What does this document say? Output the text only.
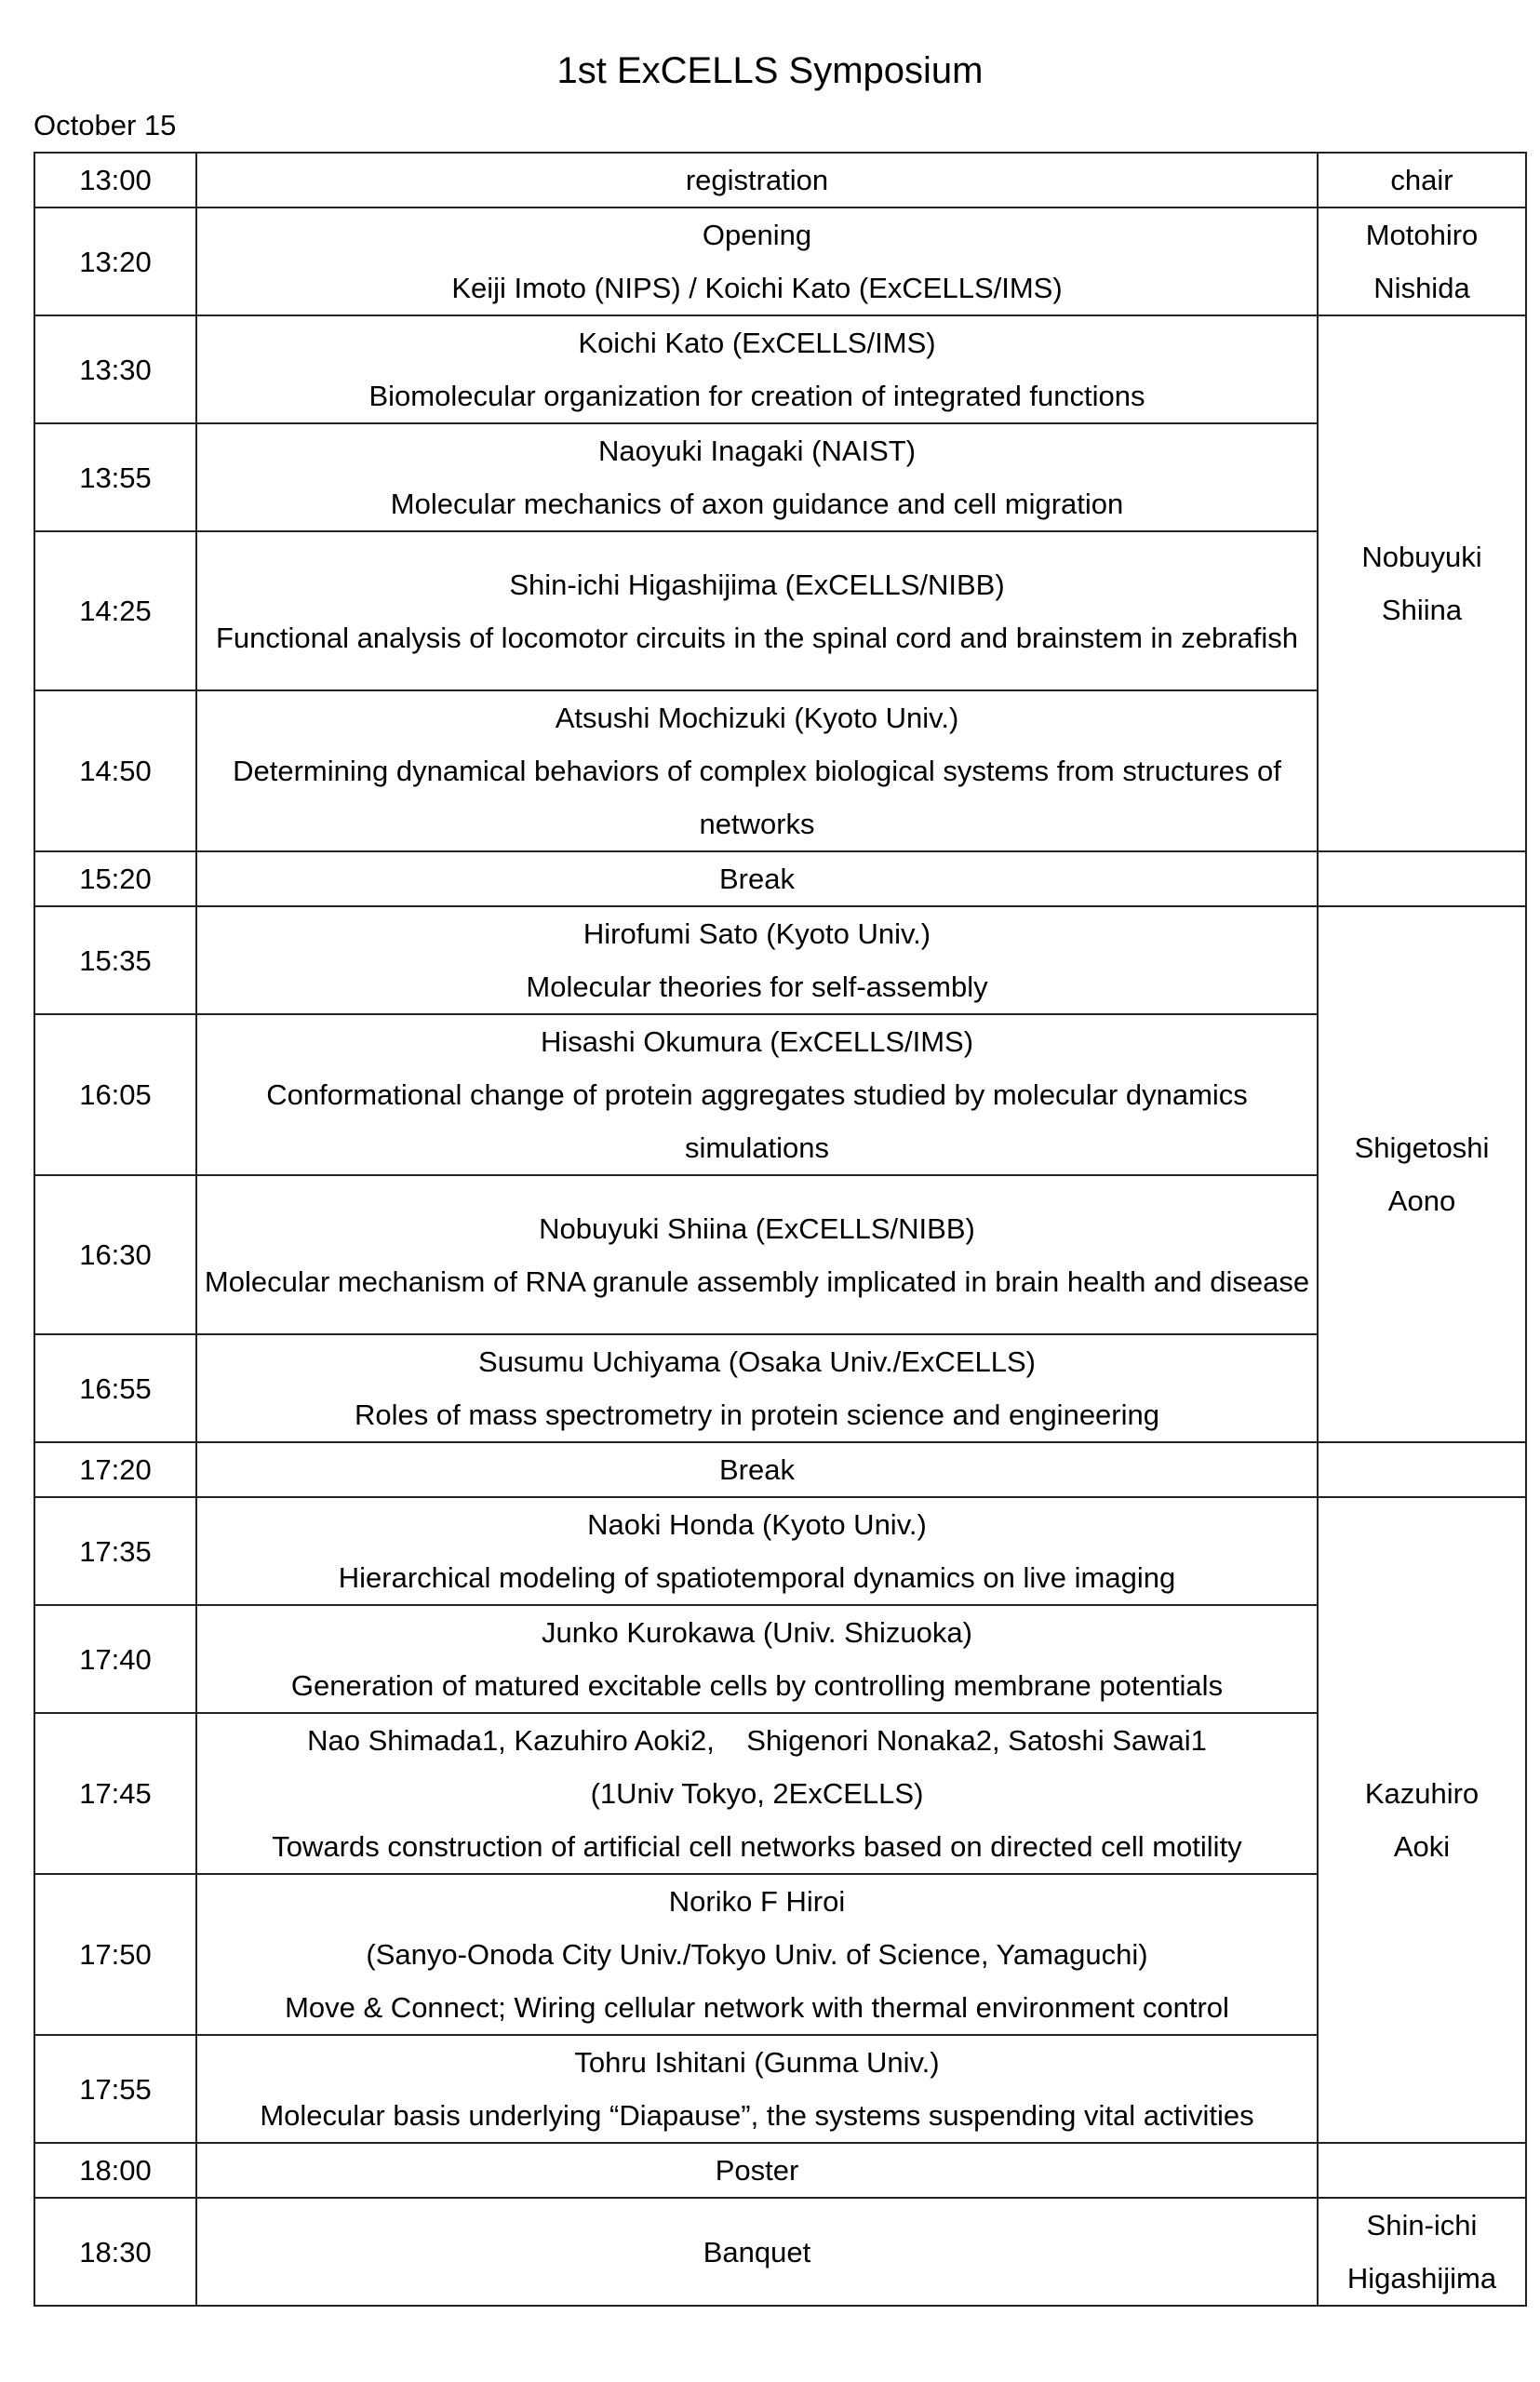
1st ExCELLS Symposium
October 15
13:00	registration	chair
13:20	Opening
Keiji Imoto (NIPS) / Koichi Kato (ExCELLS/IMS)	Motohiro
Nishida

13:30	Koichi Kato (ExCELLS/IMS)
Biomolecular organization for creation of integrated functions	Nobuyuki
Shiina

13:55	Naoyuki Inagaki (NAIST)
Molecular mechanics of axon guidance and cell migration	

14:25	Shin-ichi Higashijima (ExCELLS/NIBB)
Functional analysis of locomotor circuits in the spinal cord and brainstem in zebrafish	

14:50	Atsushi Mochizuki (Kyoto Univ.)
Determining dynamical behaviors of complex biological systems from structures of networks	

15:20	Break	
15:35	Hirofumi Sato (Kyoto Univ.)
Molecular theories for self-assembly	Shigetoshi
Aono

16:05	Hisashi Okumura (ExCELLS/IMS)
Conformational change of protein aggregates studied by molecular dynamics simulations	

16:30	Nobuyuki Shiina (ExCELLS/NIBB)
Molecular mechanism of RNA granule assembly implicated in brain health and disease	

16:55	Susumu Uchiyama (Osaka Univ./ExCELLS)
Roles of mass spectrometry in protein science and engineering	

17:20	Break	
17:35	Naoki Honda (Kyoto Univ.)
Hierarchical modeling of spatiotemporal dynamics on live imaging	Kazuhiro
Aoki

17:40	Junko Kurokawa (Univ. Shizuoka)
Generation of matured excitable cells by controlling membrane potentials	

17:45	Nao Shimada1, Kazuhiro Aoki2,    Shigenori Nonaka2, Satoshi Sawai1
(1Univ Tokyo, 2ExCELLS)
Towards construction of artificial cell networks based on directed cell motility	

17:50	Noriko F Hiroi
(Sanyo-Onoda City Univ./Tokyo Univ. of Science, Yamaguchi)
Move & Connect; Wiring cellular network with thermal environment control	

17:55	Tohru Ishitani (Gunma Univ.)
Molecular basis underlying “Diapause”, the systems suspending vital activities	

18:00	Poster	
18:30	Banquet	Shin-ichi
Higashijima
